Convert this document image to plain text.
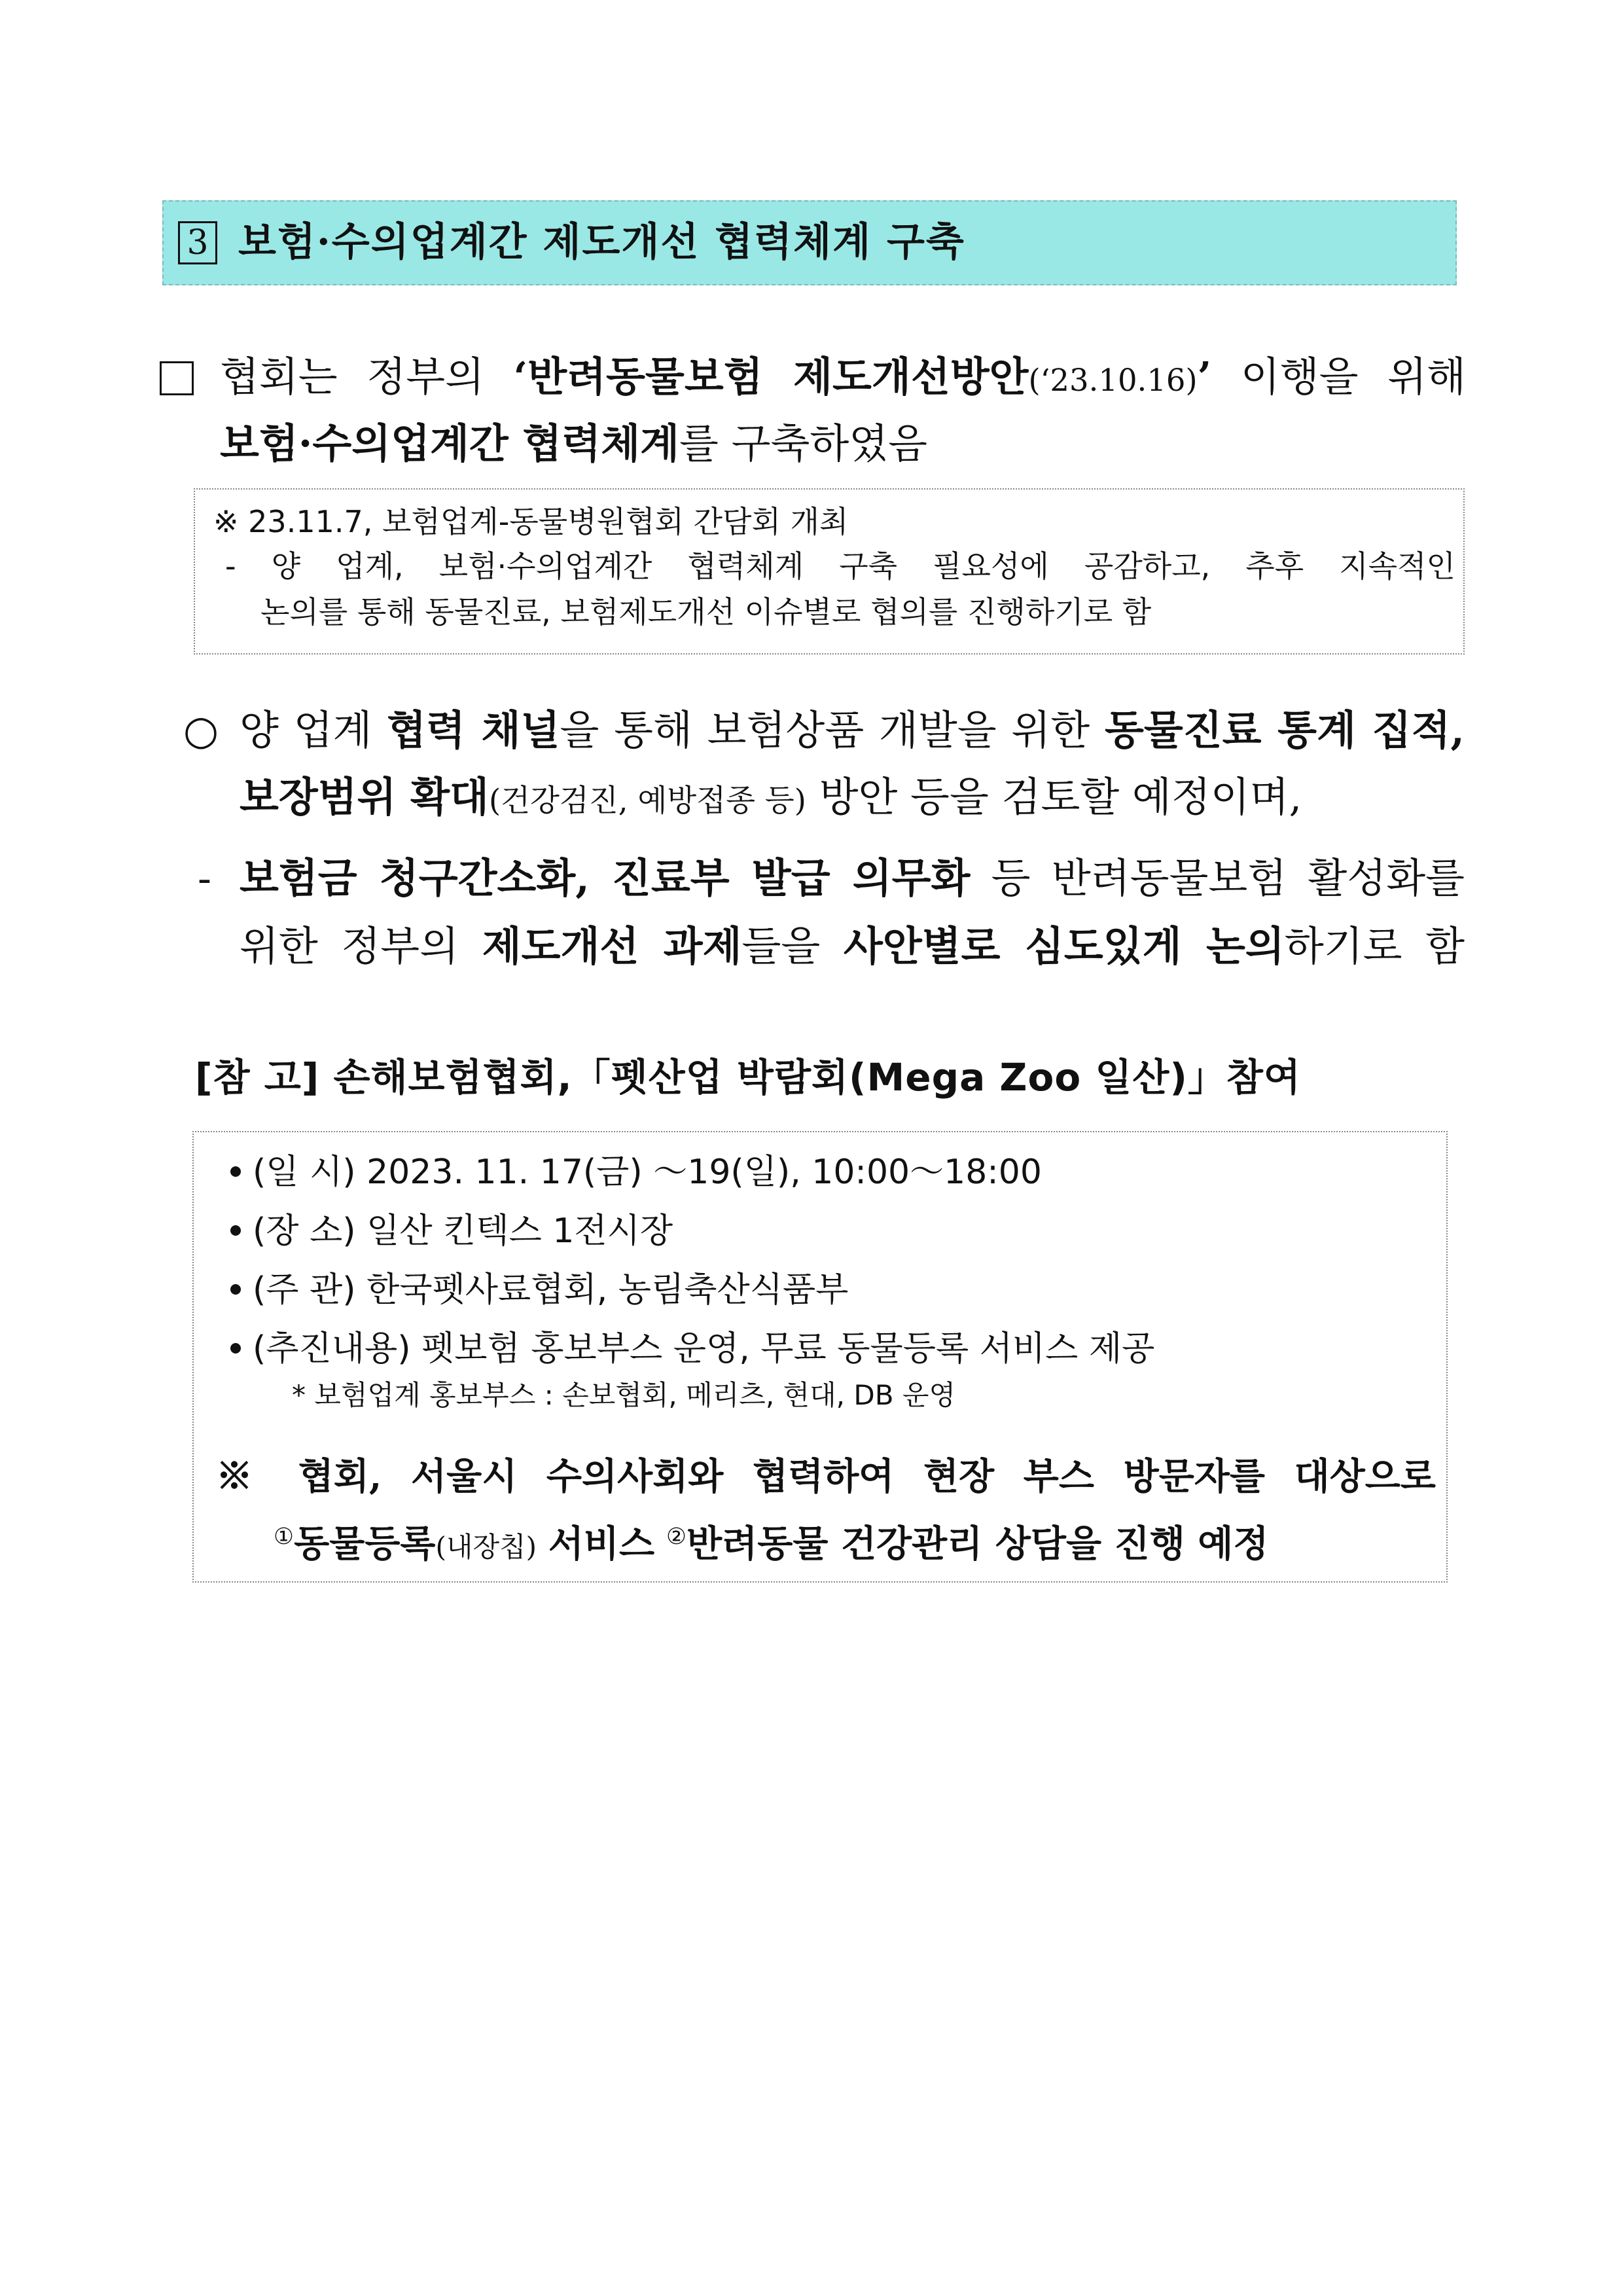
3 보험·수의업계간 제도개선 협력체계 구축
협회는 정부의 ‘반려동물보험 제도개선방안(‘23.10.16)’ 이행을 위해
보험·수의업계간 협력체계를 구축하였음
※ 23.11.7, 보험업계-동물병원협회 간담회 개최
- 양 업계, 보험·수의업계간 협력체계 구축 필요성에 공감하고, 추후 지속적인
논의를 통해 동물진료, 보험제도개선 이슈별로 협의를 진행하기로 함
○ 양 업계 협력 채널을 통해 보험상품 개발을 위한 동물진료 통계 집적,
보장범위 확대(건강검진, 예방접종 등) 방안 등을 검토할 예정이며,
- 보험금 청구간소화, 진료부 발급 의무화 등 반려동물보험 활성화를
위한 정부의 제도개선 과제들을 사안별로 심도있게 논의하기로 함
[참 고] 손해보험협회,「펫산업 박람회(Mega Zoo 일산)」참여
(일 시) 2023. 11. 17(금) ～19(일), 10:00～18:00
(장 소) 일산 킨텍스 1전시장
(주 관) 한국펫사료협회, 농림축산식품부
(추진내용) 펫보험 홍보부스 운영, 무료 동물등록 서비스 제공
* 보험업계 홍보부스 : 손보협회, 메리츠, 현대, DB 운영
※ 협회, 서울시 수의사회와 협력하여 현장 부스 방문자를 대상으로
①동물등록(내장칩) 서비스 ②반려동물 건강관리 상담을 진행 예정
